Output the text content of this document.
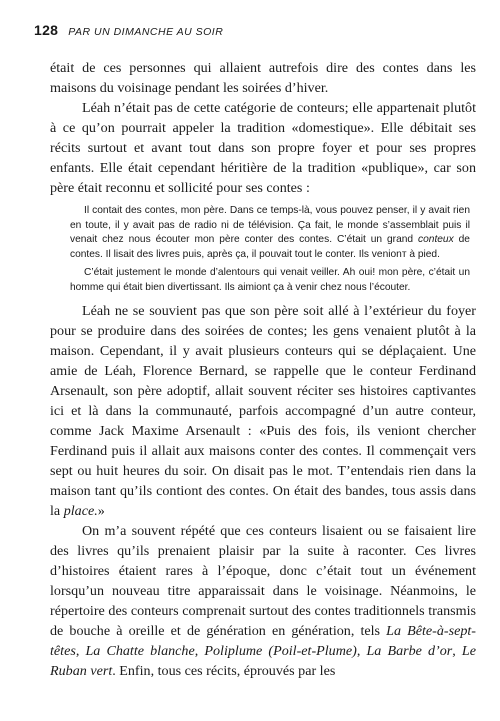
128 PAR UN DIMANCHE AU SOIR

était de ces personnes qui allaient autrefois dire des contes dans les maisons du voisinage pendant les soirées d’hiver.

Léah n’était pas de cette catégorie de conteurs; elle appartenait plutôt à ce qu’on pourrait appeler la tradition «domestique». Elle débitait ses récits surtout et avant tout dans son propre foyer et pour ses propres enfants. Elle était cependant héritière de la tradition «publique», car son père était reconnu et sollicité pour ses contes :

Il contait des contes, mon père. Dans ce temps-là, vous pouvez penser, il y avait rien en toute, il y avait pas de radio ni de télévision. Ça fait, le monde s’assemblait puis il venait chez nous écouter mon père conter des contes. C’était un grand conteux de contes. Il lisait des livres puis, après ça, il pouvait tout le conter. Ils venionт à pied.

C’était justement le monde d’alentours qui venait veiller. Ah oui! mon père, c’était un homme qui était bien divertissant. Ils aimiont ça à venir chez nous l’écouter.

Léah ne se souvient pas que son père soit allé à l’extérieur du foyer pour se produire dans des soirées de contes; les gens venaient plutôt à la maison. Cependant, il y avait plusieurs conteurs qui se déplaçaient. Une amie de Léah, Florence Bernard, se rappelle que le conteur Ferdinand Arsenault, son père adoptif, allait souvent réciter ses histoires captivantes ici et là dans la communauté, parfois accompagné d’un autre conteur, comme Jack Maxime Arsenault : «Puis des fois, ils veniont chercher Ferdinand puis il allait aux maisons conter des contes. Il commençait vers sept ou huit heures du soir. On disait pas le mot. T’entendais rien dans la maison tant qu’ils contiont des contes. On était des bandes, tous assis dans la place.»

On m’a souvent répété que ces conteurs lisaient ou se faisaient lire des livres qu’ils prenaient plaisir par la suite à raconter. Ces livres d’histoires étaient rares à l’époque, donc c’était tout un événement lorsqu’un nouveau titre apparaissait dans le voisinage. Néanmoins, le répertoire des conteurs comprenait surtout des contes traditionnels transmis de bouche à oreille et de génération en génération, tels La Bête-à-sept-têtes, La Chatte blanche, Poliplume (Poil-et-Plume), La Barbe d’or, Le Ruban vert. Enfin, tous ces récits, éprouvés par les
